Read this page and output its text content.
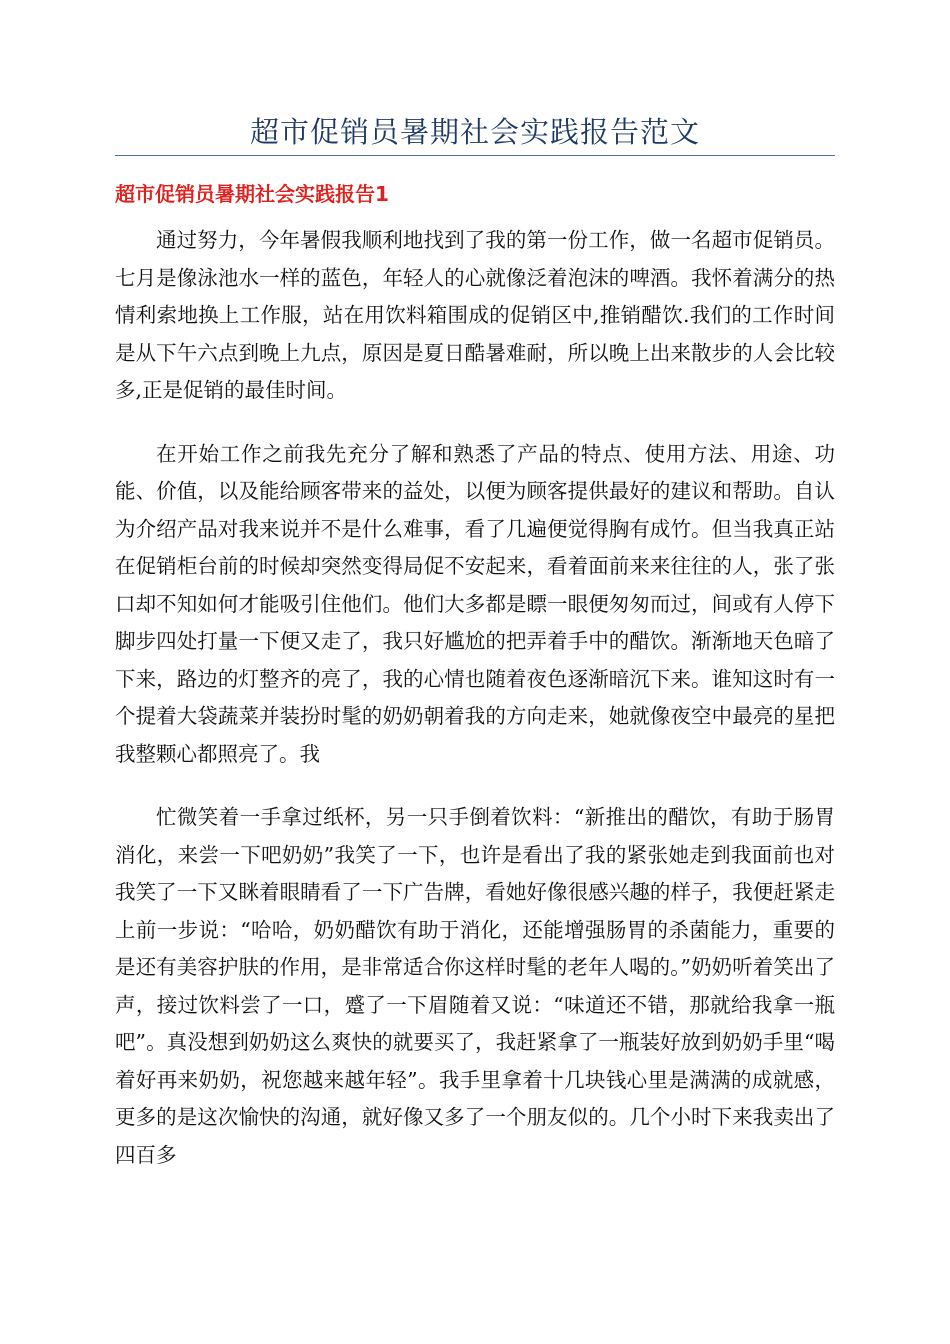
超市促销员暑期社会实践报告范文
超市促销员暑期社会实践报告1

通过努力，今年暑假我顺利地找到了我的第一份工作，做一名超市促销员。七月是像泳池水一样的蓝色，年轻人的心就像泛着泡沫的啤酒。我怀着满分的热情利索地换上工作服，站在用饮料箱围成的促销区中,推销醋饮.我们的工作时间是从下午六点到晚上九点，原因是夏日酷暑难耐，所以晚上出来散步的人会比较多,正是促销的最佳时间。

在开始工作之前我先充分了解和熟悉了产品的特点、使用方法、用途、功能、价值，以及能给顾客带来的益处，以便为顾客提供最好的建议和帮助。自认为介绍产品对我来说并不是什么难事，看了几遍便觉得胸有成竹。但当我真正站在促销柜台前的时候却突然变得局促不安起来，看着面前来来往往的人，张了张口却不知如何才能吸引住他们。他们大多都是瞟一眼便匆匆而过，间或有人停下脚步四处打量一下便又走了，我只好尴尬的把弄着手中的醋饮。渐渐地天色暗了下来，路边的灯整齐的亮了，我的心情也随着夜色逐渐暗沉下来。谁知这时有一个提着大袋蔬菜并装扮时髦的奶奶朝着我的方向走来，她就像夜空中最亮的星把我整颗心都照亮了。我

忙微笑着一手拿过纸杯，另一只手倒着饮料：“新推出的醋饮，有助于肠胃消化，来尝一下吧奶奶”我笑了一下，也许是看出了我的紧张她走到我面前也对我笑了一下又眯着眼睛看了一下广告牌，看她好像很感兴趣的样子，我便赶紧走上前一步说：“哈哈，奶奶醋饮有助于消化，还能增强肠胃的杀菌能力，重要的是还有美容护肤的作用，是非常适合你这样时髦的老年人喝的。”奶奶听着笑出了声，接过饮料尝了一口，蹙了一下眉随着又说：“味道还不错，那就给我拿一瓶吧”。真没想到奶奶这么爽快的就要买了，我赶紧拿了一瓶装好放到奶奶手里“喝着好再来奶奶，祝您越来越年轻”。我手里拿着十几块钱心里是满满的成就感，更多的是这次愉快的沟通，就好像又多了一个朋友似的。几个小时下来我卖出了四百多
